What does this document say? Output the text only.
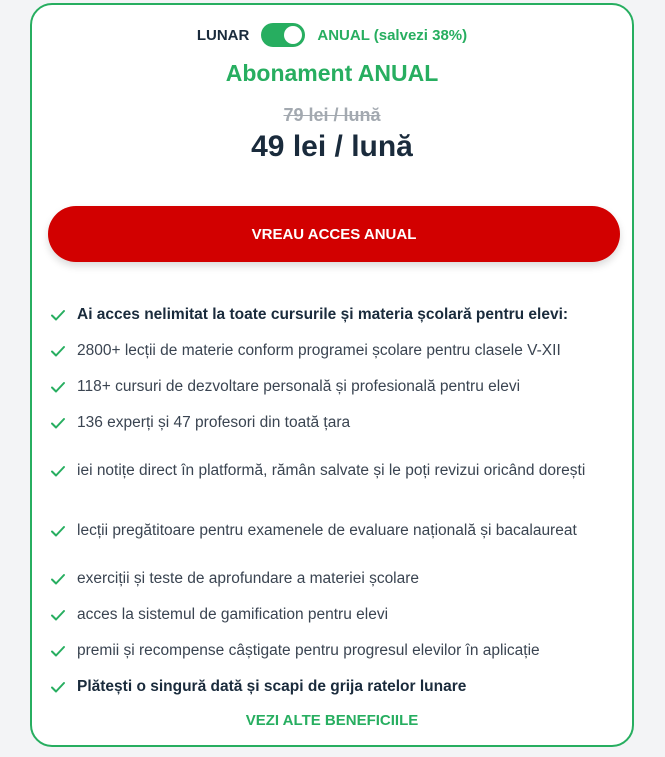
LUNAR	ANUAL (salvezi 38%)
Abonament ANUAL
79 lei / lună
49 lei / lună
VREAU ACCES ANUAL
Ai acces nelimitat la toate cursurile și materia școlară pentru elevi:
2800+ lecții de materie conform programei școlare pentru clasele V-XII
118+ cursuri de dezvoltare personală și profesională pentru elevi
136 experți și 47 profesori din toată țara
iei notițe direct în platformă, rămân salvate și le poți revizui oricând dorești
lecții pregătitoare pentru examenele de evaluare națională și bacalaureat
exerciții și teste de aprofundare a materiei școlare
acces la sistemul de gamification pentru elevi
premii și recompense câștigate pentru progresul elevilor în aplicație
Plătești o singură dată și scapi de grija ratelor lunare
VEZI ALTE BENEFICIILE
